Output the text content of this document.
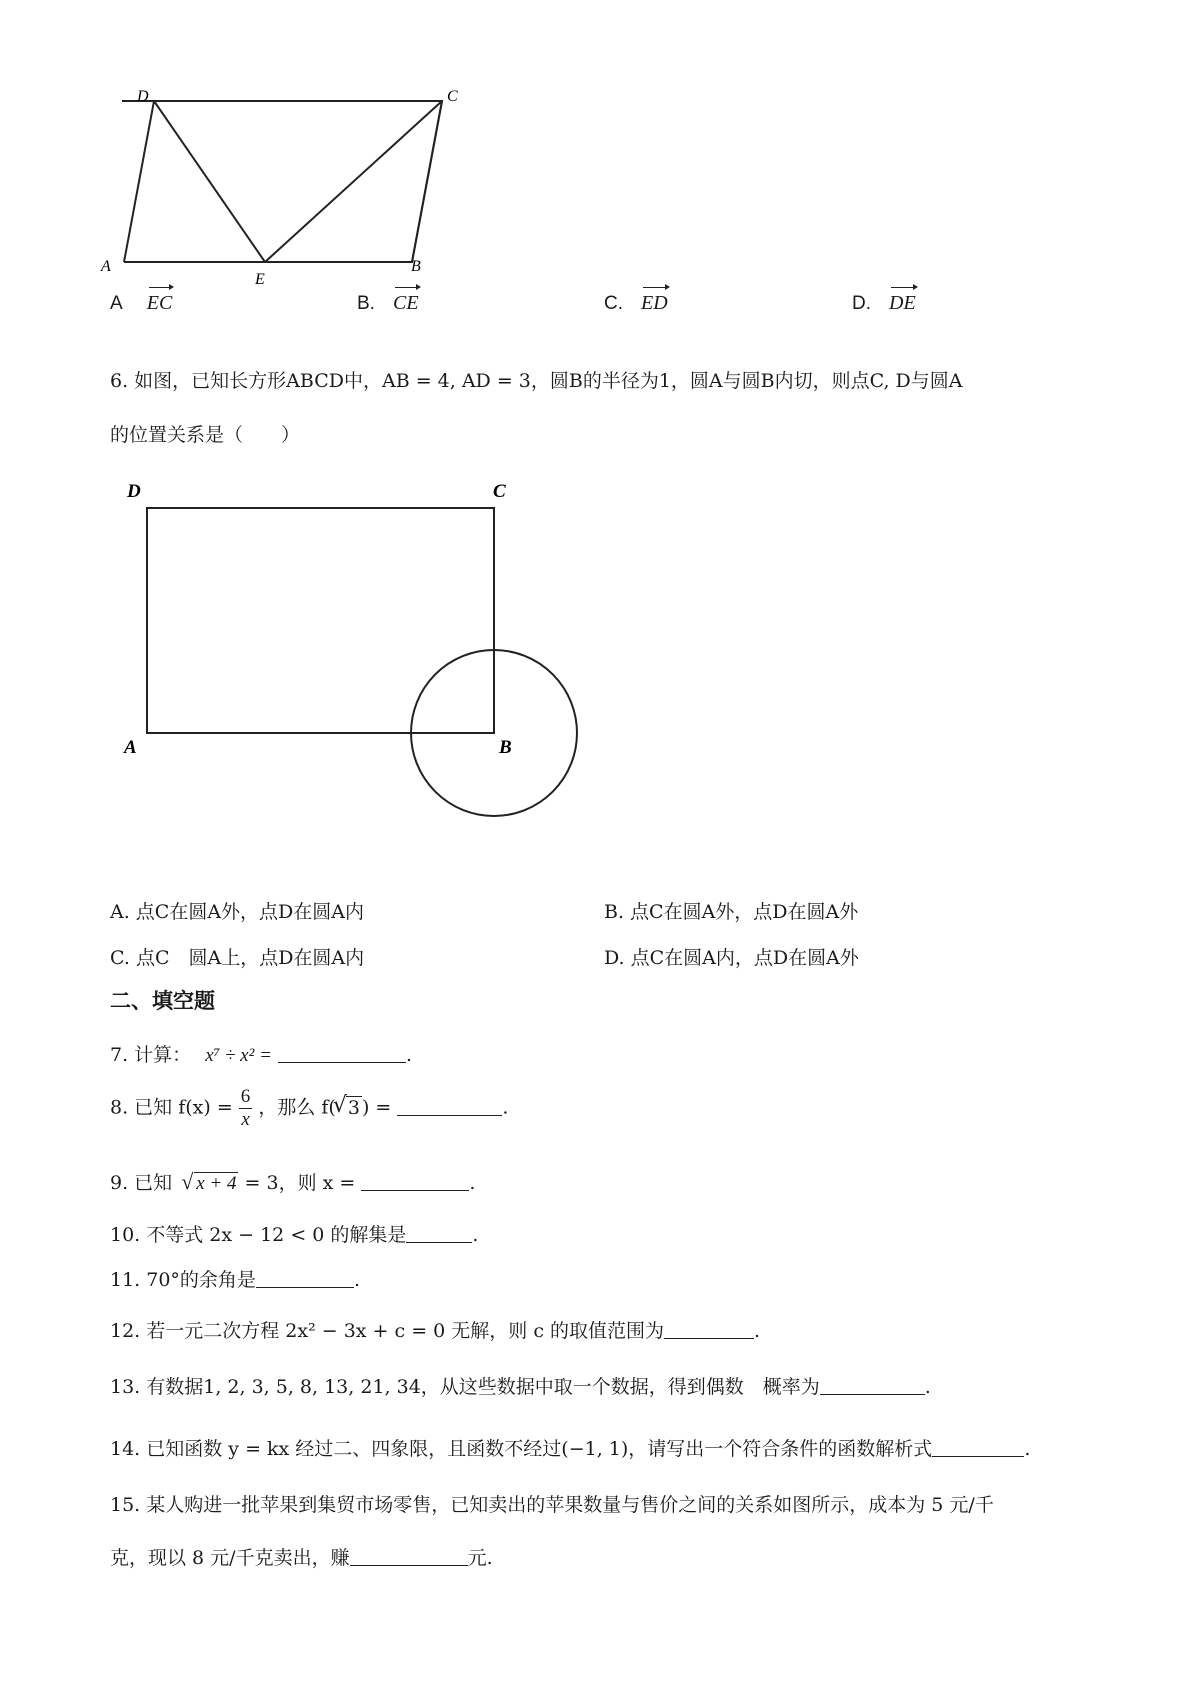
D	C
A
E
B
A EC	B. CE	C. ED	D. DE
6. 如图，已知长方形ABCD中，AB = 4, AD = 3，圆B的半径为1，圆A与圆B内切，则点C, D与圆A
的位置关系是（　　）
D	C
A	B
A. 点C在圆A外，点D在圆A内	B. 点C在圆A外，点D在圆A外
C. 点C　圆A上，点D在圆A内	D. 点C在圆A内，点D在圆A外
二、填空题
7. 计算： x⁷ ÷ x² =	.
8. 已知 $f(x) = \frac{6}{x}$ ，那么 f( √ 3 ) =	.
9. 已知 √ x + 4 = 3，则 x =	.
10. 不等式 2x − 12 < 0 的解集是	.
11. 70°的余角是	.
12. 若一元二次方程 2x² − 3x + c = 0 无解，则 c 的取值范围为	.
13. 有数据1, 2, 3, 5, 8, 13, 21, 34，从这些数据中取一个数据，得到偶数　概率为	.
14. 已知函数 y = kx 经过二、四象限，且函数不经过(−1, 1)，请写出一个符合条件的函数解析式	.
15. 某人购进一批苹果到集贸市场零售，已知卖出的苹果数量与售价之间的关系如图所示，成本为 5 元/千
克，现以 8 元/千克卖出，赚	元.
